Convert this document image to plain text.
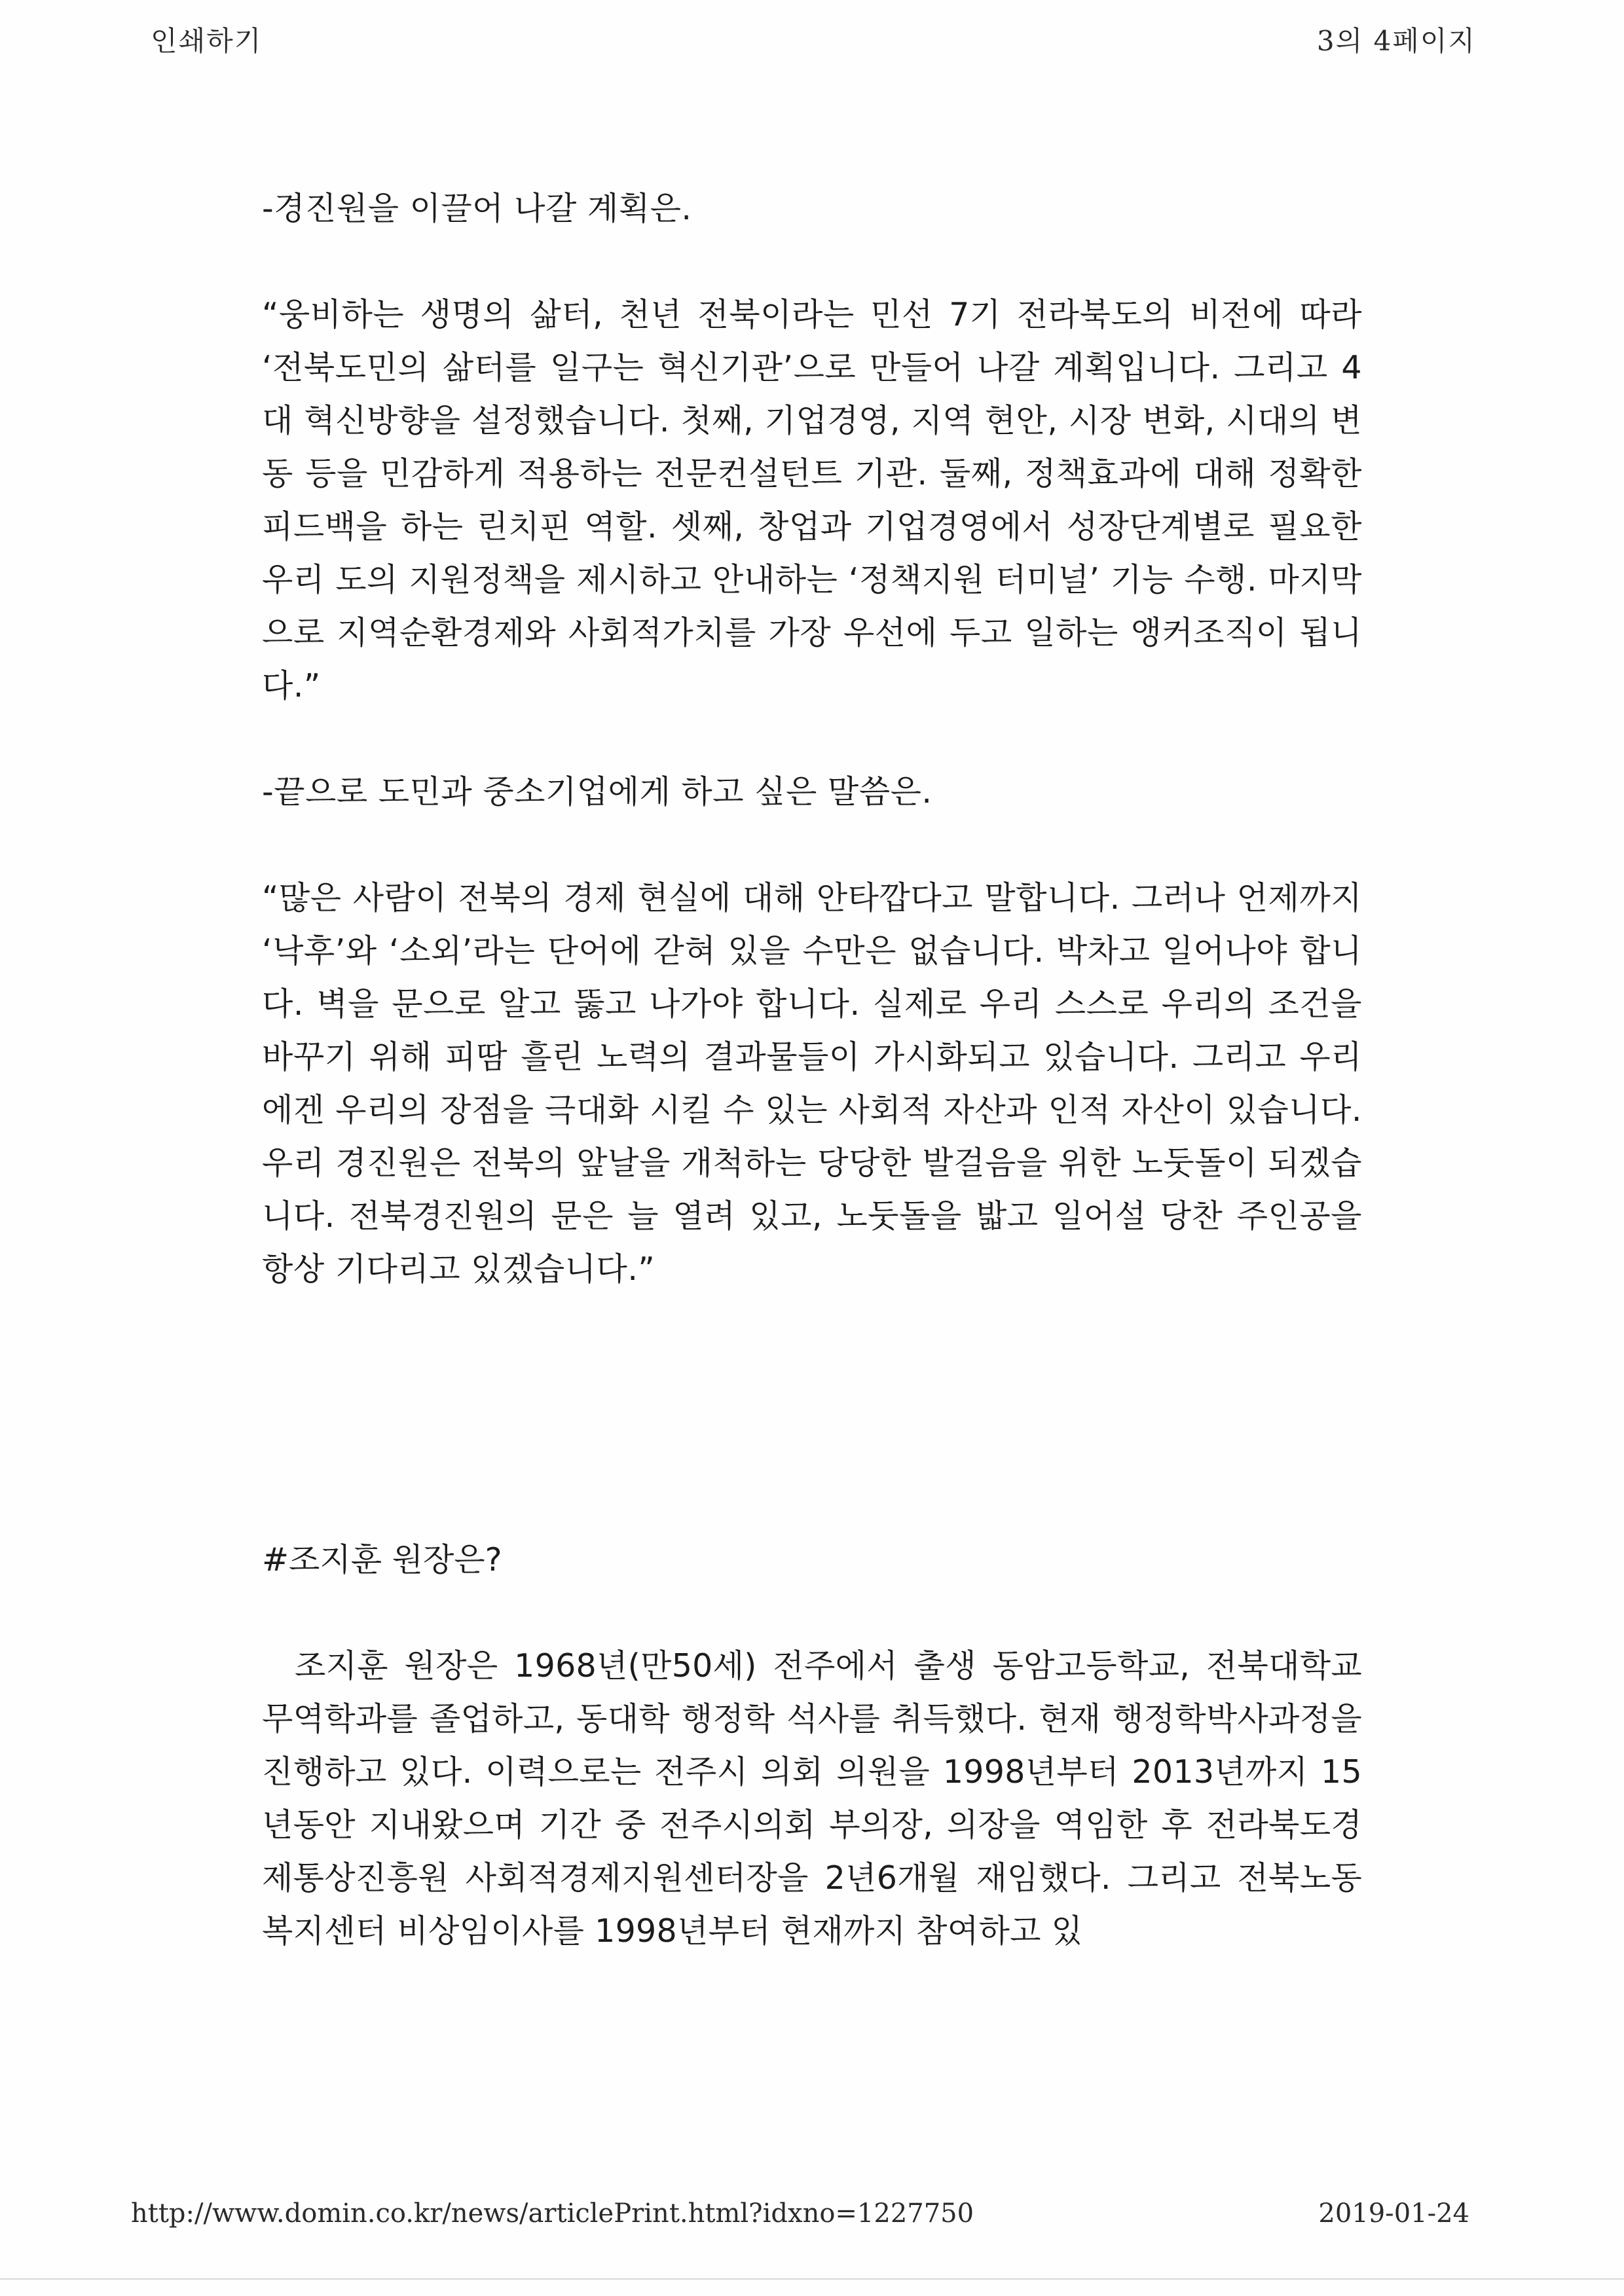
인쇄하기	3의 4페이지

-경진원을 이끌어 나갈 계획은.

“웅비하는 생명의 삶터, 천년 전북이라는 민선 7기 전라북도의 비전에 따라 ‘전북도민의 삶터를 일구는 혁신기관’으로 만들어 나갈 계획입니다. 그리고 4대 혁신방향을 설정했습니다. 첫째, 기업경영, 지역 현안, 시장 변화, 시대의 변동 등을 민감하게 적용하는 전문컨설턴트 기관. 둘째, 정책효과에 대해 정확한 피드백을 하는 린치핀 역할. 셋째, 창업과 기업경영에서 성장단계별로 필요한 우리 도의 지원정책을 제시하고 안내하는 ‘정책지원 터미널’ 기능 수행. 마지막으로 지역순환경제와 사회적가치를 가장 우선에 두고 일하는 앵커조직이 됩니다.”

-끝으로 도민과 중소기업에게 하고 싶은 말씀은.

“많은 사람이 전북의 경제 현실에 대해 안타깝다고 말합니다. 그러나 언제까지 ‘낙후’와 ‘소외’라는 단어에 갇혀 있을 수만은 없습니다. 박차고 일어나야 합니다. 벽을 문으로 알고 뚫고 나가야 합니다. 실제로 우리 스스로 우리의 조건을 바꾸기 위해 피땀 흘린 노력의 결과물들이 가시화되고 있습니다. 그리고 우리에겐 우리의 장점을 극대화 시킬 수 있는 사회적 자산과 인적 자산이 있습니다. 우리 경진원은 전북의 앞날을 개척하는 당당한 발걸음을 위한 노둣돌이 되겠습니다. 전북경진원의 문은 늘 열려 있고, 노둣돌을 밟고 일어설 당찬 주인공을 항상 기다리고 있겠습니다.”

#조지훈 원장은?

조지훈 원장은 1968년(만50세) 전주에서 출생 동암고등학교, 전북대학교 무역학과를 졸업하고, 동대학 행정학 석사를 취득했다. 현재 행정학박사과정을 진행하고 있다. 이력으로는 전주시 의회 의원을 1998년부터 2013년까지 15년동안 지내왔으며 기간 중 전주시의회 부의장, 의장을 역임한 후 전라북도경제통상진흥원 사회적경제지원센터장을 2년6개월 재임했다. 그리고 전북노동복지센터 비상임이사를 1998년부터 현재까지 참여하고 있

http://www.domin.co.kr/news/articlePrint.html?idxno=1227750	2019-01-24
